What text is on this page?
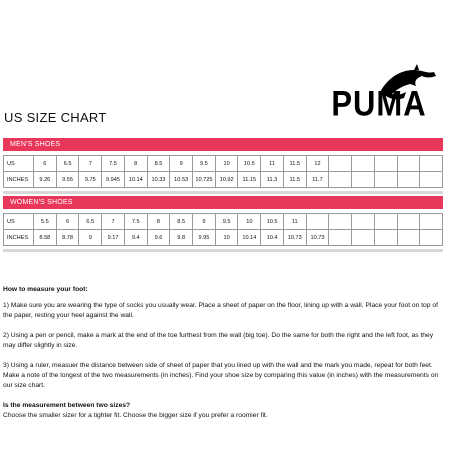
PUMA
US SIZE CHART
MEN'S SHOES
US	6	6.5	7	7.5	8	8.5	9	9.5	10	10.5	11	11.5	12					
INCHES	9.26	9.55	9.75	9.945	10.14	10.33	10.53	10.725	10.92	11.15	11.3	11.5	11.7					
WOMEN'S SHOES
US	5.5	6	6.5	7	7.5	8	8.5	9	9.5	10	10.5	11						
INCHES	8.58	8.78	9	9.17	9.4	9.6	9.8	9.95	10	10.14	10.4	10.73	10.73					

How to measure your foot:

1) Make sure you are wearing the type of socks you usually wear. Place a sheet of paper on the floor, lining up with a wall. Place your foot on top of the paper, resting your heel against the wall.

2) Using a pen or pencil, make a mark at the end of the toe furthest from the wall (big toe). Do the same for both the right and the left foot, as they may differ slightly in size.

3) Using a ruler, measuer the distance between side of sheet of paper that you lined up with the wall and the mark you made, repeat for both feet. Make a note of the longest of the two measurements (in inches). Find your shoe size by comparing this value (in inches) with the measurements on our size chart.

Is the measurement between two sizes?

Choose the smaller sizer for a tighter fit. Choose the bigger size if you prefer a roomier fit.
